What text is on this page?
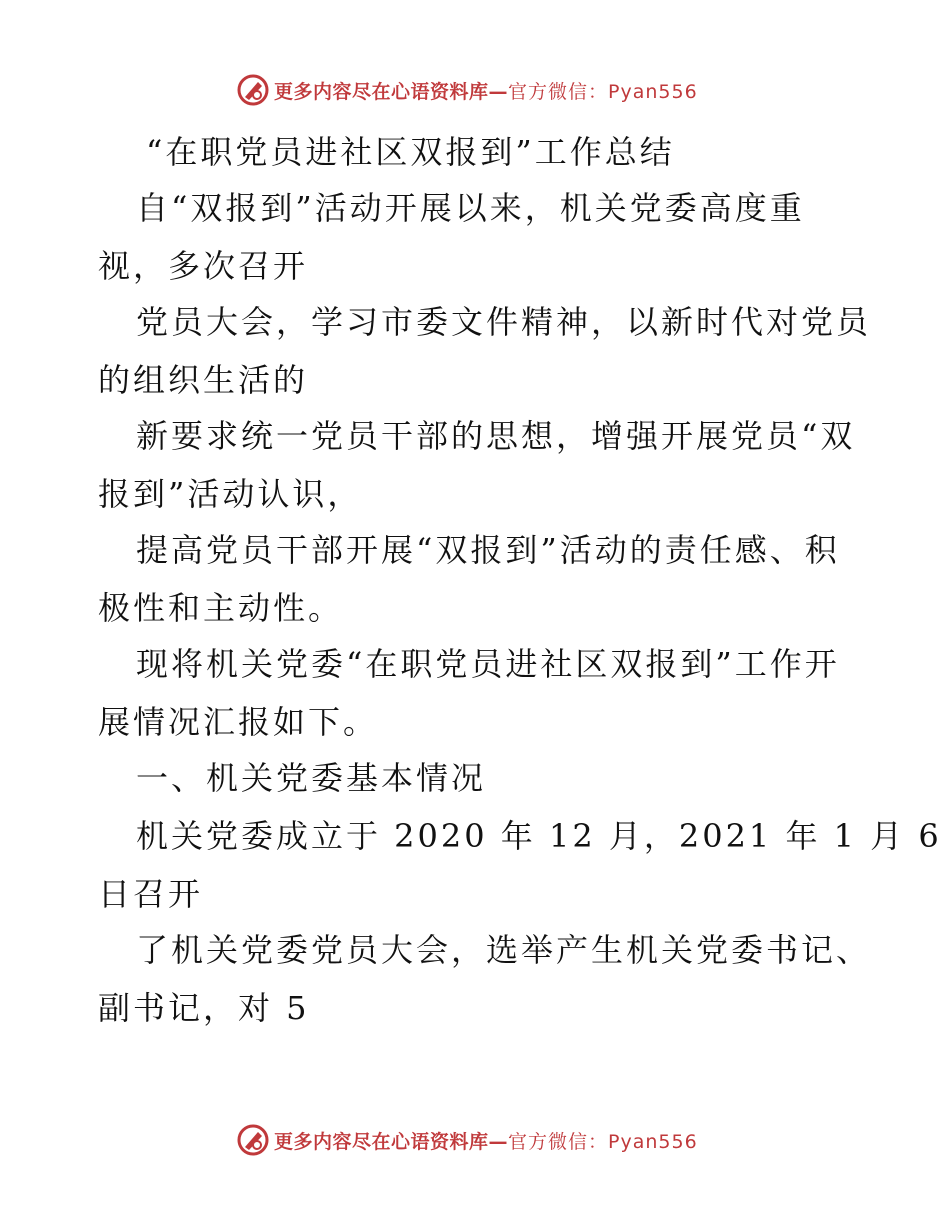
更多内容尽在心语资料库— 官方微信：Pyan556
“在职党员进社区双报到”工作总结
自“双报到”活动开展以来，机关党委高度重
视，多次召开
党员大会，学习市委文件精神，以新时代对党员
的组织生活的
新要求统一党员干部的思想，增强开展党员“双
报到”活动认识，
提高党员干部开展“双报到”活动的责任感、积
极性和主动性。
现将机关党委“在职党员进社区双报到”工作开
展情况汇报如下。
一、机关党委基本情况
机关党委成立于 2020 年 12 月，2021 年 1 月 6
日召开
了机关党委党员大会，选举产生机关党委书记、
副书记，对 5
更多内容尽在心语资料库— 官方微信：Pyan556
